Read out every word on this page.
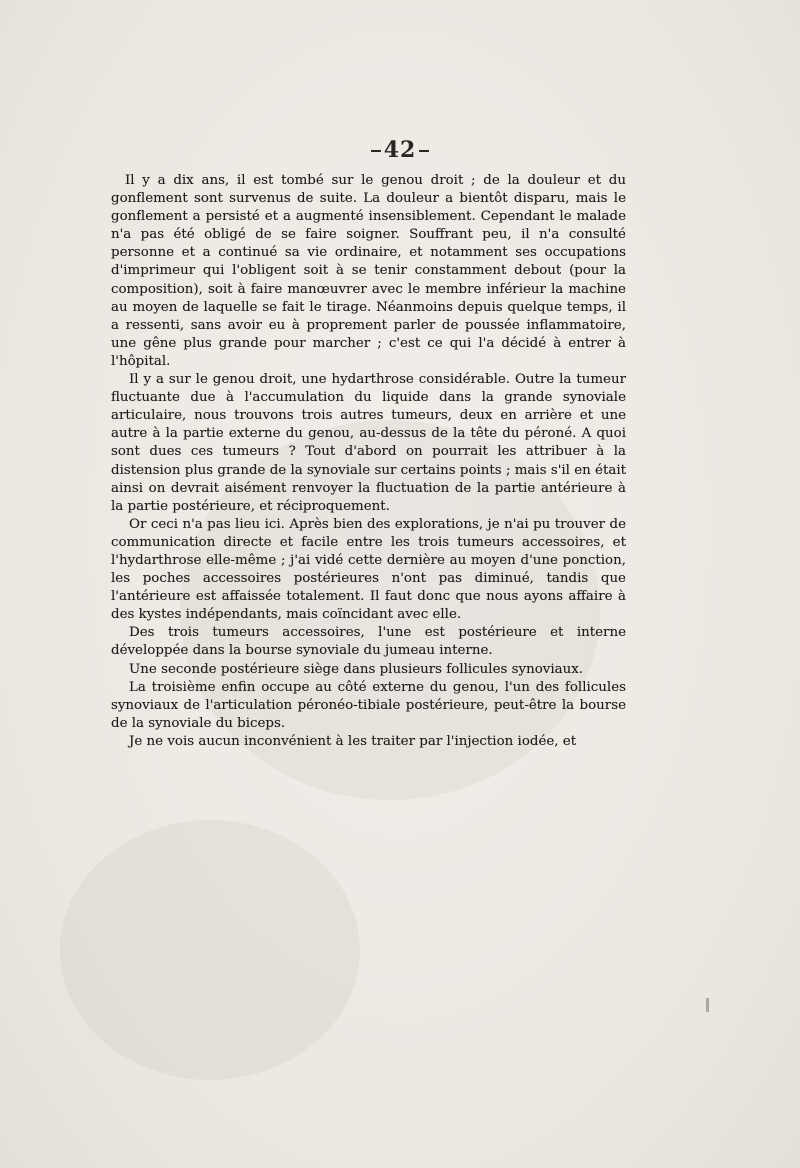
42

Il y a dix ans, il est tombé sur le genou droit ; de la douleur et du gonflement sont survenus de suite. La douleur a bientôt disparu, mais le gonflement a persisté et a augmenté insensiblement. Cependant le malade n'a pas été obligé de se faire soigner. Souffrant peu, il n'a consulté personne et a continué sa vie ordinaire, et notamment ses occupations d'imprimeur qui l'obligent soit à se tenir constamment debout (pour la composition), soit à faire manœuvrer avec le membre inférieur la machine au moyen de laquelle se fait le tirage. Néanmoins depuis quelque temps, il a ressenti, sans avoir eu à proprement parler de poussée inflammatoire, une gêne plus grande pour marcher ; c'est ce qui l'a décidé à entrer à l'hôpital.

Il y a sur le genou droit, une hydarthrose considérable. Outre la tumeur fluctuante due à l'accumulation du liquide dans la grande synoviale articulaire, nous trouvons trois autres tumeurs, deux en arrière et une autre à la partie externe du genou, au-dessus de la tête du péroné. A quoi sont dues ces tumeurs ? Tout d'abord on pourrait les attribuer à la distension plus grande de la synoviale sur certains points ; mais s'il en était ainsi on devrait aisément renvoyer la fluctuation de la partie antérieure à la partie postérieure, et réciproquement.

Or ceci n'a pas lieu ici. Après bien des explorations, je n'ai pu trouver de communication directe et facile entre les trois tumeurs accessoires, et l'hydarthrose elle-même ; j'ai vidé cette dernière au moyen d'une ponction, les poches accessoires postérieures n'ont pas diminué, tandis que l'antérieure est affaissée totalement. Il faut donc que nous ayons affaire à des kystes indépendants, mais coïncidant avec elle.

Des trois tumeurs accessoires, l'une est postérieure et interne développée dans la bourse synoviale du jumeau interne.

Une seconde postérieure siège dans plusieurs follicules synoviaux.

La troisième enfin occupe au côté externe du genou, l'un des follicules synoviaux de l'articulation péronéo-tibiale postérieure, peut-être la bourse de la synoviale du biceps.

Je ne vois aucun inconvénient à les traiter par l'injection iodée, et
